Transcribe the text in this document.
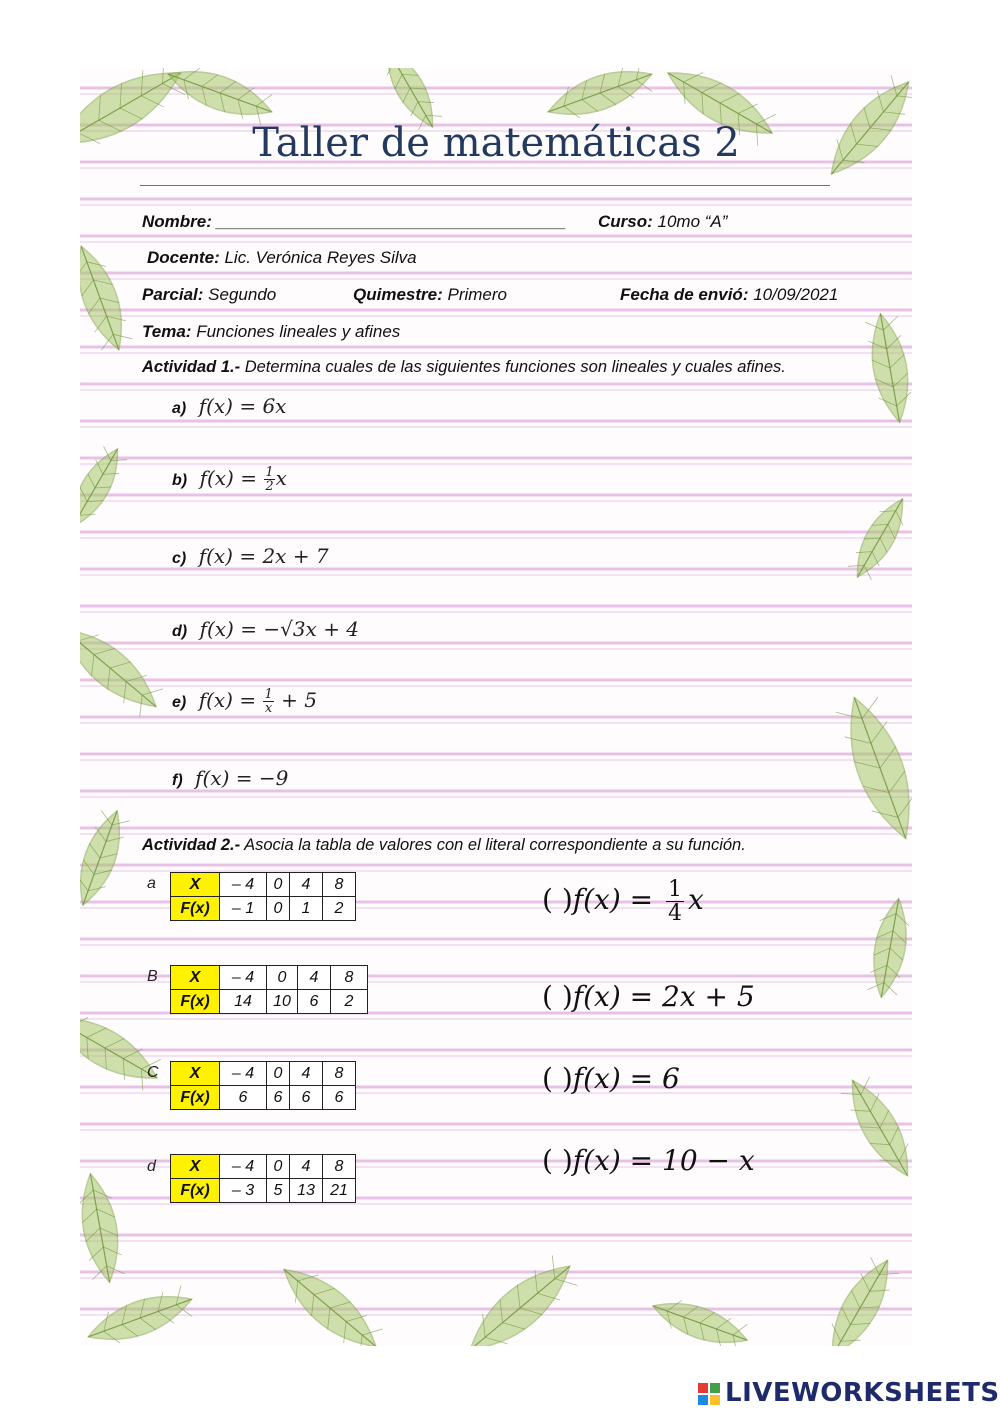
Taller de matemáticas 2
Nombre: _____________________________________ Curso: 10mo “A”
Docente: Lic. Verónica Reyes Silva
Parcial: Segundo	Quimestre: Primero	Fecha de envió: 10/09/2021
Tema: Funciones lineales y afines
Actividad 1.- Determina cuales de las siguientes funciones son lineales y cuales afines.
a) f(x) = 6x
b) $f(x) = \frac{1}{2}$ x
c) f(x) = 2x + 7
d) f(x) = −√3x + 4
e) $f(x) = \frac{1}{x} + 5$
f) f(x) = −9
Actividad 2.- Asocia la tabla de valores con el literal correspondiente a su función.
a X	– 4	0	4	8
F(x)	– 1	0	1	2
B X	– 4	0	4	8
F(x)	14	10	6	2
C X	– 4	0	4	8
F(x)	6	6	6	6
d X	– 4	0	4	8
F(x)	– 3	5	13	21
( )$f(x) = \frac{1}{4}$ x
( )f(x) = 2x + 5
( )f(x) = 6
( )f(x) = 10 − x
LIVEWORKSHEETS
